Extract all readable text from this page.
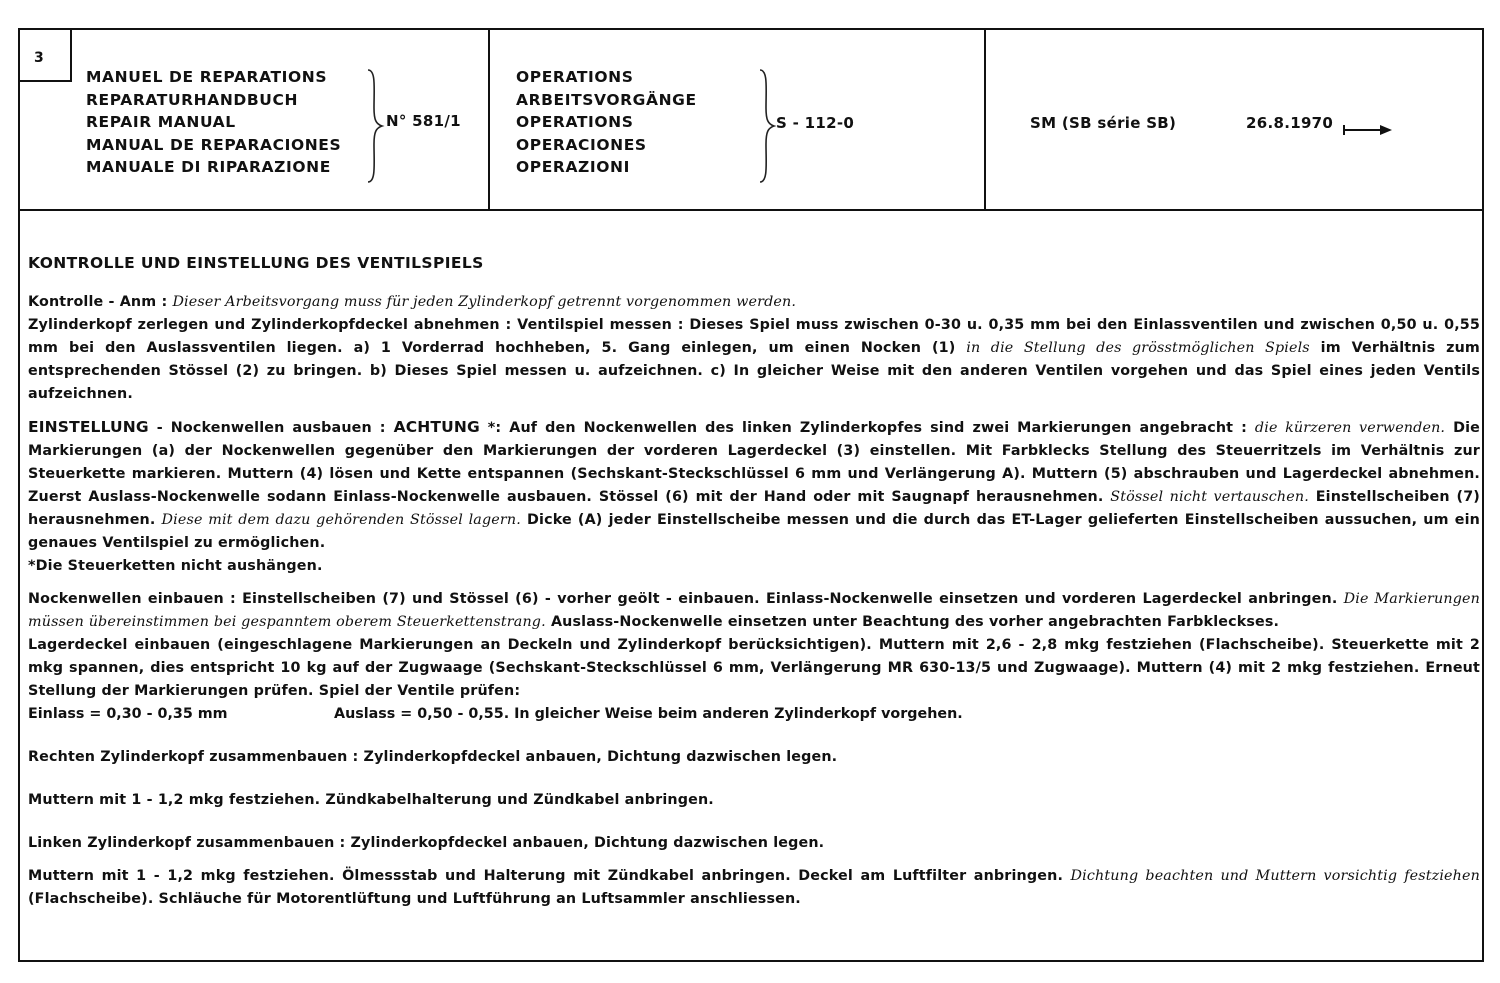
3
MANUEL DE REPARATIONS
REPARATURHANDBUCH
REPAIR MANUAL
MANUAL DE REPARACIONES
MANUALE DI RIPARAZIONE
N° 581/1
OPERATIONS
ARBEITSVORGÄNGE
OPERATIONS
OPERACIONES
OPERAZIONI
S - 112-0	SM (SB série SB)	26.8.1970
KONTROLLE UND EINSTELLUNG DES VENTILSPIELS

Kontrolle - Anm : Dieser Arbeitsvorgang muss für jeden Zylinderkopf getrennt vorgenommen werden.
Zylinderkopf zerlegen und Zylinderkopfdeckel abnehmen : Ventilspiel messen : Dieses Spiel muss zwischen 0-30 u. 0,35 mm bei den Einlassventilen und zwischen 0,50 u. 0,55 mm bei den Auslassventilen liegen. a) 1 Vorderrad hochheben, 5. Gang einlegen, um einen Nocken (1) in die Stellung des grösstmöglichen Spiels im Verhältnis zum entsprechenden Stössel (2) zu bringen. b) Dieses Spiel messen u. aufzeichnen. c) In gleicher Weise mit den anderen Ventilen vorgehen und das Spiel eines jeden Ventils aufzeichnen.

EINSTELLUNG - Nockenwellen ausbauen : ACHTUNG *: Auf den Nockenwellen des linken Zylinderkopfes sind zwei Markierungen angebracht : die kürzeren verwenden. Die Markierungen (a) der Nockenwellen gegenüber den Markierungen der vorderen Lagerdeckel (3) einstellen. Mit Farbklecks Stellung des Steuerritzels im Verhältnis zur Steuerkette markieren. Muttern (4) lösen und Kette entspannen (Sechskant-Steckschlüssel 6 mm und Verlängerung A). Muttern (5) abschrauben und Lagerdeckel abnehmen. Zuerst Auslass-Nockenwelle sodann Einlass-Nockenwelle ausbauen. Stössel (6) mit der Hand oder mit Saugnapf herausnehmen. Stössel nicht vertauschen. Einstellscheiben (7) herausnehmen. Diese mit dem dazu gehörenden Stössel lagern. Dicke (A) jeder Einstellscheibe messen und die durch das ET-Lager gelieferten Einstellscheiben aussuchen, um ein genaues Ventilspiel zu ermöglichen.
*Die Steuerketten nicht aushängen.

Nockenwellen einbauen : Einstellscheiben (7) und Stössel (6) - vorher geölt - einbauen. Einlass-Nockenwelle einsetzen und vorderen Lagerdeckel anbringen. Die Markierungen müssen übereinstimmen bei gespanntem oberem Steuerkettenstrang. Auslass-Nockenwelle einsetzen unter Beachtung des vorher angebrachten Farbkleckses.

Lagerdeckel einbauen (eingeschlagene Markierungen an Deckeln und Zylinderkopf berücksichtigen). Muttern mit 2,6 - 2,8 mkg festziehen (Flachscheibe). Steuerkette mit 2 mkg spannen, dies entspricht 10 kg auf der Zugwaage (Sechskant-Steckschlüssel 6 mm, Verlängerung MR 630-13/5 und Zugwaage). Muttern (4) mit 2 mkg festziehen. Erneut Stellung der Markierungen prüfen. Spiel der Ventile prüfen:

Einlass = 0,30 - 0,35 mm	Auslass = 0,50 - 0,55. In gleicher Weise beim anderen Zylinderkopf vorgehen.

Rechten Zylinderkopf zusammenbauen : Zylinderkopfdeckel anbauen, Dichtung dazwischen legen.

Muttern mit 1 - 1,2 mkg festziehen. Zündkabelhalterung und Zündkabel anbringen.

Linken Zylinderkopf zusammenbauen : Zylinderkopfdeckel anbauen, Dichtung dazwischen legen.

Muttern mit 1 - 1,2 mkg festziehen. Ölmessstab und Halterung mit Zündkabel anbringen. Deckel am Luftfilter anbringen. Dichtung beachten und Muttern vorsichtig festziehen (Flachscheibe). Schläuche für Motorentlüftung und Luftführung an Luftsammler anschliessen.
